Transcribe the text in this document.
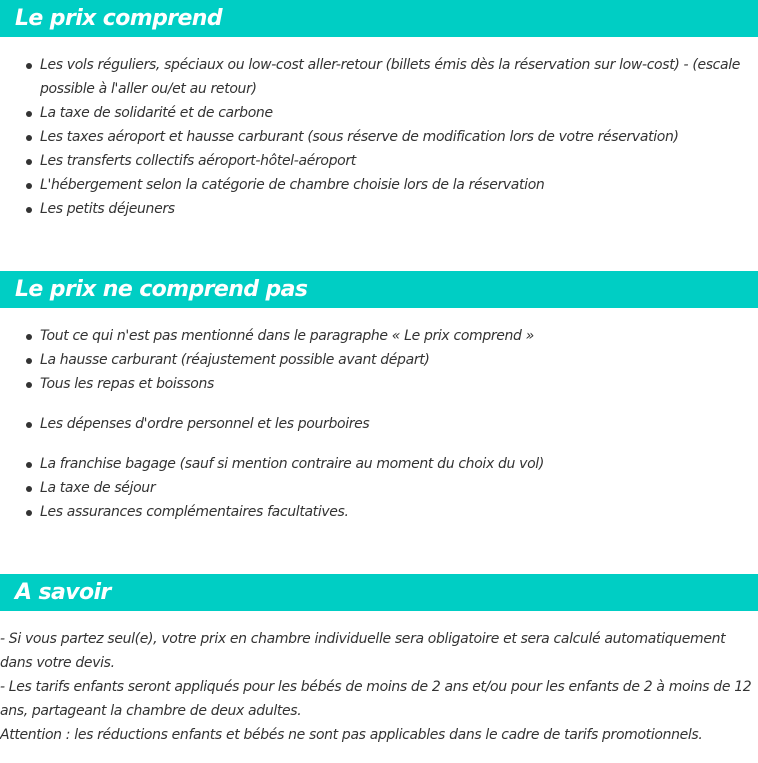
Le prix comprend
Les vols réguliers, spéciaux ou low-cost aller-retour (billets émis dès la réservation sur low-cost) - (escale possible à l'aller ou/et au retour)
La taxe de solidarité et de carbone
Les taxes aéroport et hausse carburant (sous réserve de modification lors de votre réservation)
Les transferts collectifs aéroport-hôtel-aéroport
L'hébergement selon la catégorie de chambre choisie lors de la réservation
Les petits déjeuners
Le prix ne comprend pas
Tout ce qui n'est pas mentionné dans le paragraphe « Le prix comprend »
La hausse carburant (réajustement possible avant départ)
Tous les repas et boissons
Les dépenses d'ordre personnel et les pourboires
La franchise bagage (sauf si mention contraire au moment du choix du vol)
La taxe de séjour
Les assurances complémentaires facultatives.
A savoir

- Si vous partez seul(e), votre prix en chambre individuelle sera obligatoire et sera calculé automatiquement dans votre devis.

- Les tarifs enfants seront appliqués pour les bébés de moins de 2 ans et/ou pour les enfants de 2 à moins de 12 ans, partageant la chambre de deux adultes.

Attention : les réductions enfants et bébés ne sont pas applicables dans le cadre de tarifs promotionnels.
